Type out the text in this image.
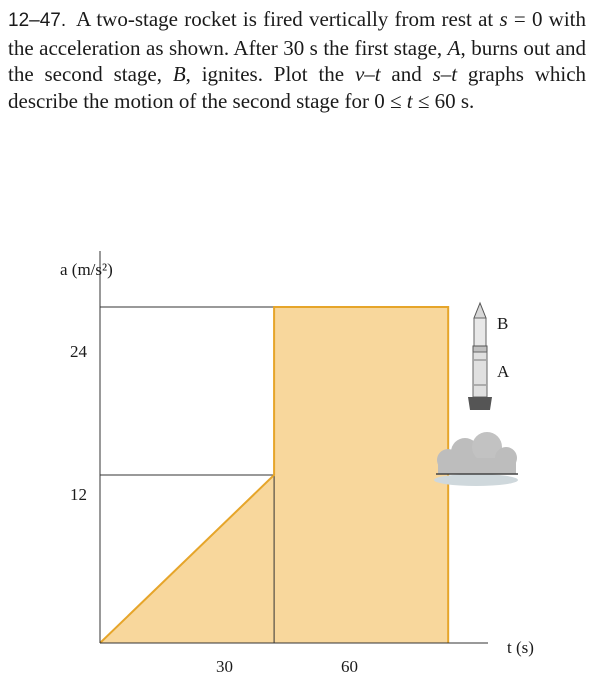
12–47. A two-stage rocket is fired vertically from rest at s = 0 with the acceleration as shown. After 30 s the first stage, A, burns out and the second stage, B, ignites. Plot the v–t and s–t graphs which describe the motion of the second stage for 0 ≤ t ≤ 60 s.
a (m/s²)
t (s)
24
12
30	60
B
A
